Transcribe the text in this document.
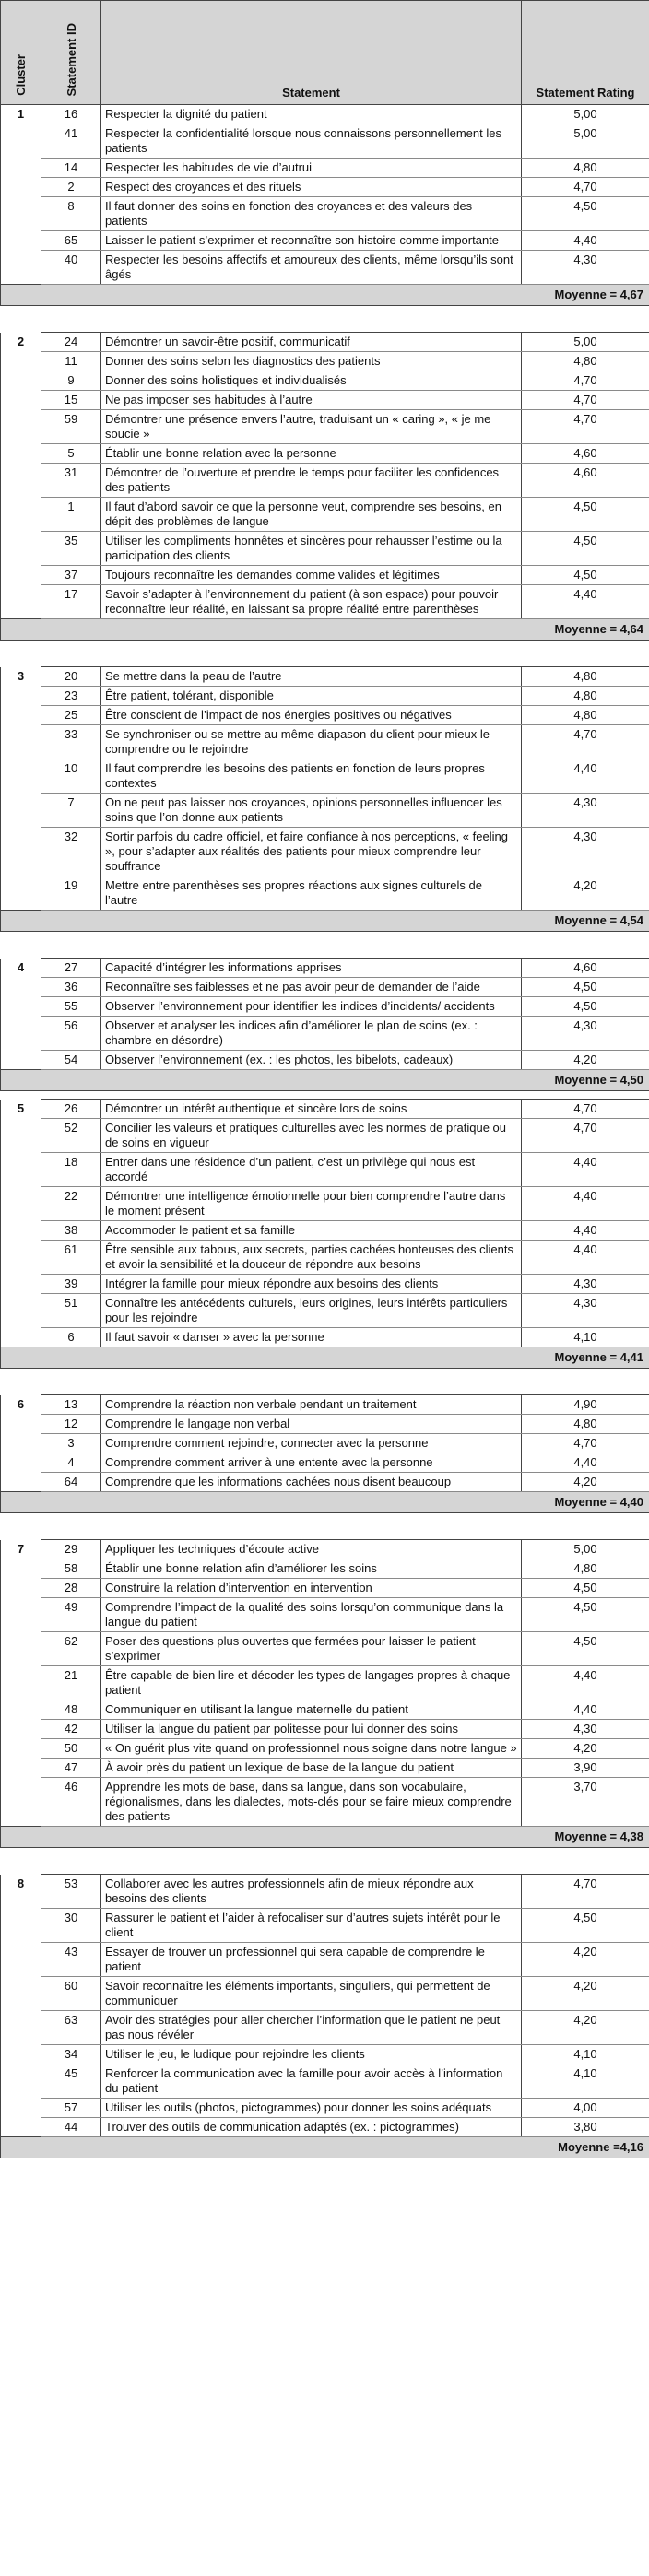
Cluster	Statement ID	Statement	Statement Rating
1	16	Respecter la dignité du patient	5,00
	41	Respecter la confidentialité lorsque nous connaissons personnellement les patients	5,00
	14	Respecter les habitudes de vie d’autrui	4,80
	2	Respect des croyances et des rituels	4,70
	8	Il faut donner des soins en fonction des croyances et des valeurs des patients	4,50
	65	Laisser le patient s’exprimer et reconnaître son histoire comme importante	4,40
	40	Respecter les besoins affectifs et amoureux des clients, même lorsqu’ils sont âgés	4,30
Moyenne = 4,67			

2	24	Démontrer un savoir-être positif, communicatif	5,00
	11	Donner des soins selon les diagnostics des patients	4,80
	9	Donner des soins holistiques et individualisés	4,70
	15	Ne pas imposer ses habitudes à l’autre	4,70
	59	Démontrer une présence envers l’autre, traduisant un « caring », « je me soucie »	4,70
	5	Établir une bonne relation avec la personne	4,60
	31	Démontrer de l’ouverture et prendre le temps pour faciliter les confidences des patients	4,60
	1	Il faut d’abord savoir ce que la personne veut, comprendre ses besoins, en dépit des problèmes de langue	4,50
	35	Utiliser les compliments honnêtes et sincères pour rehausser l’estime ou la participation des clients	4,50
	37	Toujours reconnaître les demandes comme valides et légitimes	4,50
	17	Savoir s’adapter à l’environnement du patient (à son espace) pour pouvoir reconnaître leur réalité, en laissant sa propre réalité entre parenthèses	4,40
Moyenne = 4,64			

3	20	Se mettre dans la peau de l’autre	4,80
	23	Être patient, tolérant, disponible	4,80
	25	Être conscient de l’impact de nos énergies positives ou négatives	4,80
	33	Se synchroniser ou se mettre au même diapason du client pour mieux le comprendre ou le rejoindre	4,70
	10	Il faut comprendre les besoins des patients en fonction de leurs propres contextes	4,40
	7	On ne peut pas laisser nos croyances, opinions personnelles influencer les soins que l’on donne aux patients	4,30
	32	Sortir parfois du cadre officiel, et faire confiance à nos perceptions, « feeling », pour s’adapter aux réalités des patients pour mieux comprendre leur souffrance	4,30
	19	Mettre entre parenthèses ses propres réactions aux signes culturels de l’autre	4,20
Moyenne = 4,54			

4	27	Capacité d’intégrer les informations apprises	4,60
	36	Reconnaître ses faiblesses et ne pas avoir peur de demander de l’aide	4,50
	55	Observer l’environnement pour identifier les indices d’incidents/ accidents	4,50
	56	Observer et analyser les indices afin d’améliorer le plan de soins (ex. : chambre en désordre)	4,30
	54	Observer l’environnement (ex. : les photos, les bibelots, cadeaux)	4,20
Moyenne = 4,50			

5	26	Démontrer un intérêt authentique et sincère lors de soins	4,70
	52	Concilier les valeurs et pratiques culturelles avec les normes de pratique ou de soins en vigueur	4,70
	18	Entrer dans une résidence d’un patient, c’est un privilège qui nous est accordé	4,40
	22	Démontrer une intelligence émotionnelle pour bien comprendre l’autre dans le moment présent	4,40
	38	Accommoder le patient et sa famille	4,40
	61	Être sensible aux tabous, aux secrets, parties cachées honteuses des clients et avoir la sensibilité et la douceur de répondre aux besoins	4,40
	39	Intégrer la famille pour mieux répondre aux besoins des clients	4,30
	51	Connaître les antécédents culturels, leurs origines, leurs intérêts particuliers pour les rejoindre	4,30
	6	Il faut savoir « danser » avec la personne	4,10
Moyenne = 4,41			

6	13	Comprendre la réaction non verbale pendant un traitement	4,90
	12	Comprendre le langage non verbal	4,80
	3	Comprendre comment rejoindre, connecter avec la personne	4,70
	4	Comprendre comment arriver à une entente avec la personne	4,40
	64	Comprendre que les informations cachées nous disent beaucoup	4,20
Moyenne = 4,40			

7	29	Appliquer les techniques d’écoute active	5,00
	58	Établir une bonne relation afin d’améliorer les soins	4,80
	28	Construire la relation d’intervention en intervention	4,50
	49	Comprendre l’impact de la qualité des soins lorsqu’on communique dans la langue du patient	4,50
	62	Poser des questions plus ouvertes que fermées pour laisser le patient s’exprimer	4,50
	21	Être capable de bien lire et décoder les types de langages propres à chaque patient	4,40
	48	Communiquer en utilisant la langue maternelle du patient	4,40
	42	Utiliser la langue du patient par politesse pour lui donner des soins	4,30
	50	« On guérit plus vite quand on professionnel nous soigne dans notre langue »	4,20
	47	À avoir près du patient un lexique de base de la langue du patient	3,90
	46	Apprendre les mots de base, dans sa langue, dans son vocabulaire, régionalismes, dans les dialectes, mots-clés pour se faire mieux comprendre des patients	3,70
Moyenne = 4,38			

8	53	Collaborer avec les autres professionnels afin de mieux répondre aux besoins des clients	4,70
	30	Rassurer le patient et l’aider à refocaliser sur d’autres sujets intérêt pour le client	4,50
	43	Essayer de trouver un professionnel qui sera capable de comprendre le patient	4,20
	60	Savoir reconnaître les éléments importants, singuliers, qui permettent de communiquer	4,20
	63	Avoir des stratégies pour aller chercher l’information que le patient ne peut pas nous révéler	4,20
	34	Utiliser le jeu, le ludique pour rejoindre les clients	4,10
	45	Renforcer la communication avec la famille pour avoir accès à l’information du patient	4,10
	57	Utiliser les outils (photos, pictogrammes) pour donner les soins adéquats	4,00
	44	Trouver des outils de communication adaptés (ex. : pictogrammes)	3,80
Moyenne =4,16			
